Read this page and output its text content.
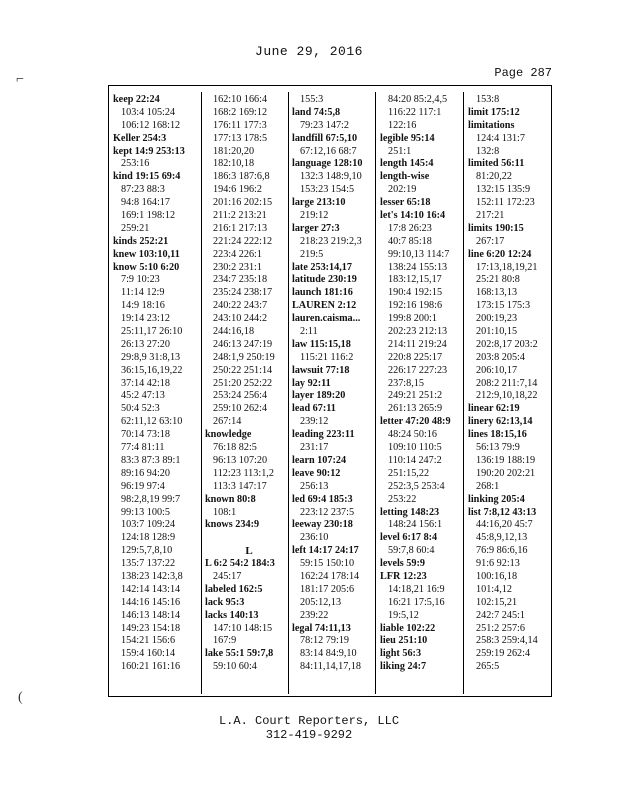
June 29, 2016
Page 287
⌐
(
keep 22:24
103:4 105:24
106:12 168:12
Keller 254:3
kept 14:9 253:13
253:16
kind 19:15 69:4
87:23 88:3
94:8 164:17
169:1 198:12
259:21
kinds 252:21
knew 103:10,11
know 5:10 6:20
7:9 10:23
11:14 12:9
14:9 18:16
19:14 23:12
25:11,17 26:10
26:13 27:20
29:8,9 31:8,13
36:15,16,19,22
37:14 42:18
45:2 47:13
50:4 52:3
62:11,12 63:10
70:14 73:18
77:4 81:11
83:3 87:3 89:1
89:16 94:20
96:19 97:4
98:2,8,19 99:7
99:13 100:5
103:7 109:24
124:18 128:9
129:5,7,8,10
135:7 137:22
138:23 142:3,8
142:14 143:14
144:16 145:16
146:13 148:14
149:23 154:18
154:21 156:6
159:4 160:14
160:21 161:16
162:10 166:4
168:2 169:12
176:11 177:3
177:13 178:5
181:20,20
182:10,18
186:3 187:6,8
194:6 196:2
201:16 202:15
211:2 213:21
216:1 217:13
221:24 222:12
223:4 226:1
230:2 231:1
234:7 235:18
235:24 238:17
240:22 243:7
243:10 244:2
244:16,18
246:13 247:19
248:1,9 250:19
250:22 251:14
251:20 252:22
253:24 256:4
259:10 262:4
267:14
knowledge
76:18 82:5
96:13 107:20
112:23 113:1,2
113:3 147:17
known 80:8
108:1
knows 234:9
L
L 6:2 54:2 184:3
245:17
labeled 162:5
lack 95:3
lacks 140:13
147:10 148:15
167:9
lake 55:1 59:7,8
59:10 60:4
155:3
land 74:5,8
79:23 147:2
landfill 67:5,10
67:12,16 68:7
language 128:10
132:3 148:9,10
153:23 154:5
large 213:10
219:12
larger 27:3
218:23 219:2,3
219:5
late 253:14,17
latitude 230:19
launch 181:16
LAUREN 2:12
lauren.caisma...
2:11
law 115:15,18
115:21 116:2
lawsuit 77:18
lay 92:11
layer 189:20
lead 67:11
239:12
leading 223:11
231:17
learn 107:24
leave 90:12
256:13
led 69:4 185:3
223:12 237:5
leeway 230:18
236:10
left 14:17 24:17
59:15 150:10
162:24 178:14
181:17 205:6
205:12,13
239:22
legal 74:11,13
78:12 79:19
83:14 84:9,10
84:11,14,17,18
84:20 85:2,4,5
116:22 117:1
122:16
legible 95:14
251:1
length 145:4
length-wise
202:19
lesser 65:18
let's 14:10 16:4
17:8 26:23
40:7 85:18
99:10,13 114:7
138:24 155:13
183:12,15,17
190:4 192:15
192:16 198:6
199:8 200:1
202:23 212:13
214:11 219:24
220:8 225:17
226:17 227:23
237:8,15
249:21 251:2
261:13 265:9
letter 47:20 48:9
48:24 50:16
109:10 110:5
110:14 247:2
251:15,22
252:3,5 253:4
253:22
letting 148:23
148:24 156:1
level 6:17 8:4
59:7,8 60:4
levels 59:9
LFR 12:23
14:18,21 16:9
16:21 17:5,16
19:5,12
liable 102:22
lieu 251:10
light 56:3
liking 24:7
153:8
limit 175:12
limitations
124:4 131:7
132:8
limited 56:11
81:20,22
132:15 135:9
152:11 172:23
217:21
limits 190:15
267:17
line 6:20 12:24
17:13,18,19,21
25:21 80:8
168:13,13
173:15 175:3
200:19,23
201:10,15
202:8,17 203:2
203:8 205:4
206:10,17
208:2 211:7,14
212:9,10,18,22
linear 62:19
linery 62:13,14
lines 18:15,16
56:13 79:9
136:19 188:19
190:20 202:21
268:1
linking 205:4
list 7:8,12 43:13
44:16,20 45:7
45:8,9,12,13
76:9 86:6,16
91:6 92:13
100:16,18
101:4,12
102:15,21
242:7 245:1
251:2 257:6
258:3 259:4,14
259:19 262:4
265:5
L.A. Court Reporters, LLC
312-419-9292
